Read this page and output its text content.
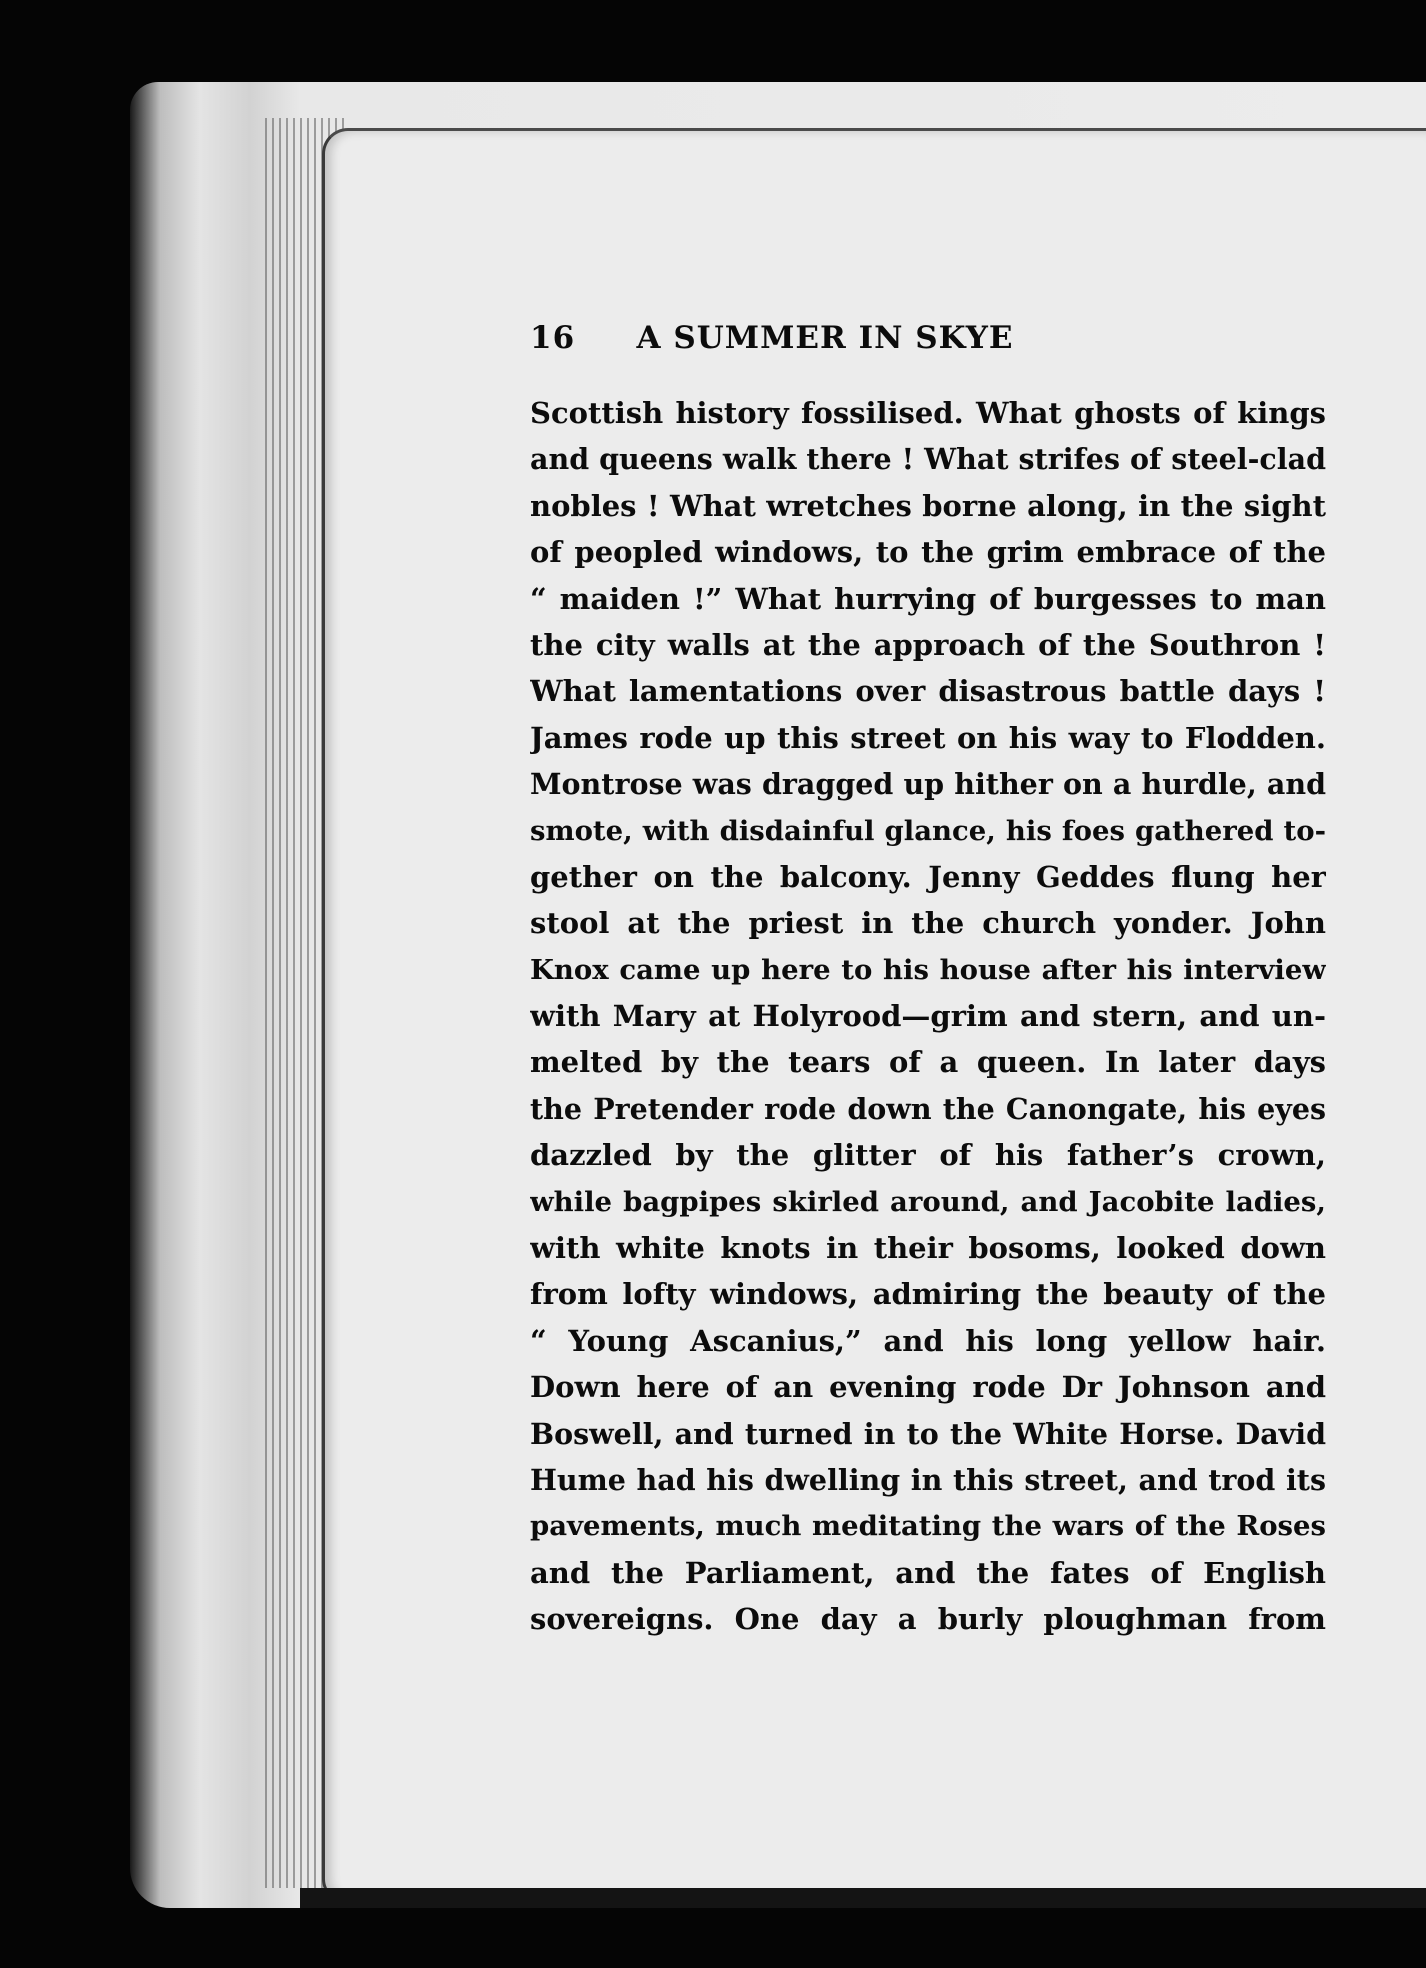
16	A SUMMER IN SKYE
Scottish history fossilised. What ghosts of kings
and queens walk there ! What strifes of steel-clad
nobles ! What wretches borne along, in the sight
of peopled windows, to the grim embrace of the
“ maiden !” What hurrying of burgesses to man
the city walls at the approach of the Southron !
What lamentations over disastrous battle days !
James rode up this street on his way to Flodden.
Montrose was dragged up hither on a hurdle, and
smote, with disdainful glance, his foes gathered to-
gether on the balcony. Jenny Geddes flung her
stool at the priest in the church yonder. John
Knox came up here to his house after his interview
with Mary at Holyrood—grim and stern, and un-
melted by the tears of a queen. In later days
the Pretender rode down the Canongate, his eyes
dazzled by the glitter of his father’s crown,
while bagpipes skirled around, and Jacobite ladies,
with white knots in their bosoms, looked down
from lofty windows, admiring the beauty of the
“ Young Ascanius,” and his long yellow hair.
Down here of an evening rode Dr Johnson and
Boswell, and turned in to the White Horse. David
Hume had his dwelling in this street, and trod its
pavements, much meditating the wars of the Roses
and the Parliament, and the fates of English
sovereigns. One day a burly ploughman from
